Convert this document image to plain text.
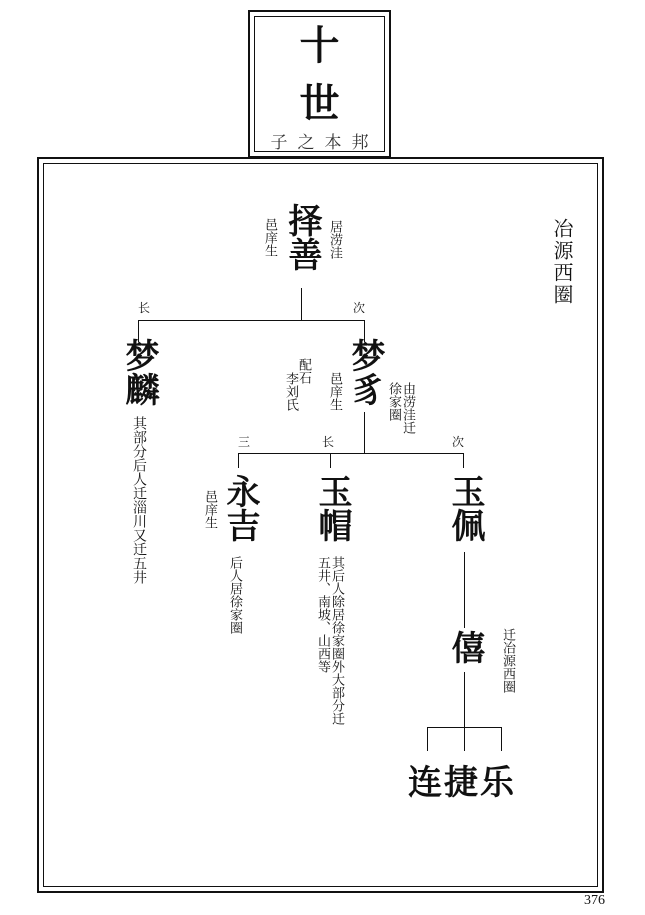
十
世
子之本邦
冶源西圈
择善
邑庠生	居涝洼
长	次
梦麟
其部分后人迁淄川又迁五井
梦豸
邑庠生
配石
李刘氏	由涝洼迁徐家圈
三	长	次
永吉
邑庠生
后人居徐家圈
玉帽
其后人除居徐家圈外大部分迁五井、南坡、山西等
玉佩
僖	迁冶源西圈
连捷乐
376
